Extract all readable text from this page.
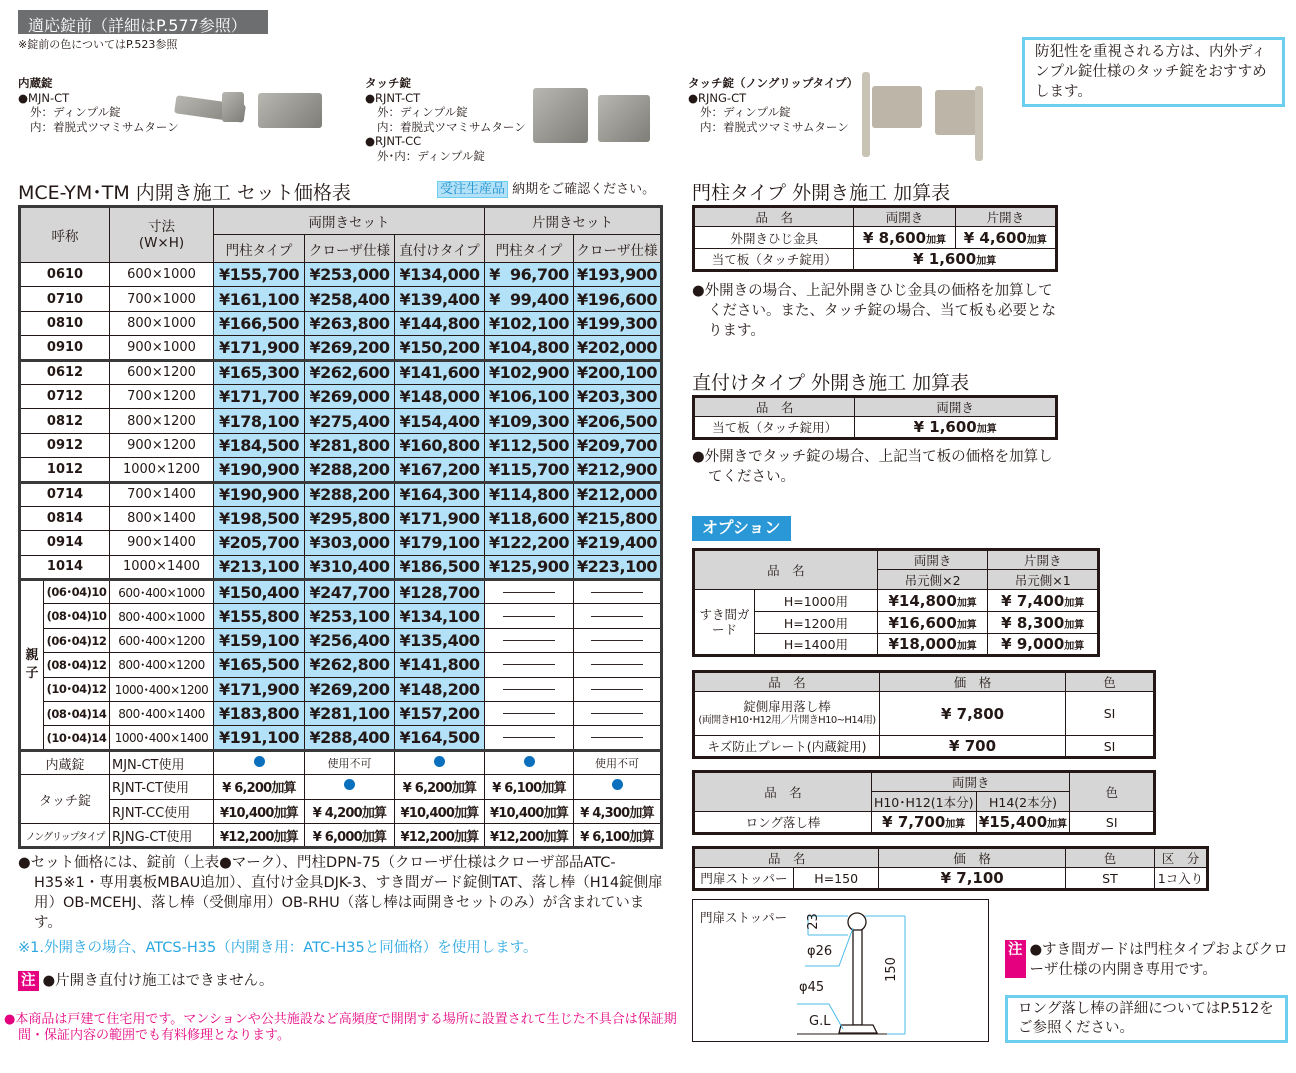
適応錠前（詳細はP.577参照）
※錠前の色についてはP.523参照
内蔵錠
●MJN-CT
外：ディンプル錠
内：着脱式ツマミサムターン
タッチ錠
●RJNT-CT
外：ディンプル錠
内：着脱式ツマミサムターン
●RJNT-CC
外･内：ディンプル錠
タッチ錠（ノングリップタイプ）
●RJNG-CT
外：ディンプル錠
内：着脱式ツマミサムターン
防犯性を重視される方は、内外ディンプル錠仕様のタッチ錠をおすすめします。
MCE-YM･TM 内開き施工 セット価格表	受注生産品 納期をご確認ください。
呼称	寸法
(W×H)	両開きセット	片開きセット
門柱タイプ	クローザ仕様	直付けタイプ	門柱タイプ	クローザ仕様
0610	600×1000	¥155,700	¥253,000	¥134,000	¥  96,700	¥193,900
0710	700×1000	¥161,100	¥258,400	¥139,400	¥  99,400	¥196,600
0810	800×1000	¥166,500	¥263,800	¥144,800	¥102,100	¥199,300
0910	900×1000	¥171,900	¥269,200	¥150,200	¥104,800	¥202,000
0612	600×1200	¥165,300	¥262,600	¥141,600	¥102,900	¥200,100
0712	700×1200	¥171,700	¥269,000	¥148,000	¥106,100	¥203,300
0812	800×1200	¥178,100	¥275,400	¥154,400	¥109,300	¥206,500
0912	900×1200	¥184,500	¥281,800	¥160,800	¥112,500	¥209,700
1012	1000×1200	¥190,900	¥288,200	¥167,200	¥115,700	¥212,900
0714	700×1400	¥190,900	¥288,200	¥164,300	¥114,800	¥212,000
0814	800×1400	¥198,500	¥295,800	¥171,900	¥118,600	¥215,800
0914	900×1400	¥205,700	¥303,000	¥179,100	¥122,200	¥219,400
1014	1000×1400	¥213,100	¥310,400	¥186,500	¥125,900	¥223,100
親子	(06･04)10	600･400×1000	¥150,400	¥247,700	¥128,700	――――	――――
(08･04)10	800･400×1000	¥155,800	¥253,100	¥134,100	――――	――――
(06･04)12	600･400×1200	¥159,100	¥256,400	¥135,400	――――	――――
(08･04)12	800･400×1200	¥165,500	¥262,800	¥141,800	――――	――――
(10･04)12	1000･400×1200	¥171,900	¥269,200	¥148,200	――――	――――
(08･04)14	800･400×1400	¥183,800	¥281,100	¥157,200	――――	――――
(10･04)14	1000･400×1400	¥191,100	¥288,400	¥164,500	――――	――――
内蔵錠	MJN-CT使用		使用不可			使用不可
タッチ錠	RJNT-CT使用	¥ 6,200加算		¥ 6,200加算	¥ 6,100加算	
RJNT-CC使用	¥10,400加算	¥ 4,200加算	¥10,400加算	¥10,400加算	¥ 4,300加算
ノングリップタイプ	RJNG-CT使用	¥12,200加算	¥ 6,000加算	¥12,200加算	¥12,200加算	¥ 6,100加算
●セット価格には、錠前（上表●マーク）、門柱DPN-75（クローザ仕様はクローザ部品ATC-H35※1・専用裏板MBAU追加）、直付け金具DJK-3、すき間ガード錠側TAT、落し棒（H14錠側扉用）OB-MCEHJ、落し棒（受側扉用）OB-RHU（落し棒は両開きセットのみ）が含まれています。
※1.外開きの場合、ATCS-H35（内開き用：ATC-H35と同価格）を使用します。
注 ●片開き直付け施工はできません。
●本商品は戸建て住宅用です。マンションや公共施設など高頻度で開閉する場所に設置されて生じた不具合は保証期間・保証内容の範囲でも有料修理となります。
門柱タイプ 外開き施工 加算表
品　名	両開き	片開き
外開きひじ金具	¥ 8,600加算	¥ 4,600加算
当て板（タッチ錠用）	¥ 1,600加算
●外開きの場合、上記外開きひじ金具の価格を加算してください。また、タッチ錠の場合、当て板も必要となります。
直付けタイプ 外開き施工 加算表
品　名	両開き
当て板（タッチ錠用）	¥ 1,600加算
●外開きでタッチ錠の場合、上記当て板の価格を加算してください。
オプション
品　名	両開き	片開き
吊元側×2	吊元側×1
すき間ガード	H=1000用	¥14,800加算	¥ 7,400加算
H=1200用	¥16,600加算	¥ 8,300加算
H=1400用	¥18,000加算	¥ 9,000加算
品　名	価　格	色

錠側扉用落し棒
(両開きH10･H12用／片開きH10~H14用)	¥ 7,800	SI
キズ防止プレート(内蔵錠用)	¥ 700	SI
品　名	両開き	色
H10･H12(1本分)	H14(2本分)
ロング落し棒	¥ 7,700加算	¥15,400加算	SI
品　名	価　格	色	区　分
門扉ストッパー	H=150	¥ 7,100	ST	1コ入り
門扉ストッパー 23
φ26
φ45
150
G.L
注 ●すき間ガードは門柱タイプおよびクローザ仕様の内開き専用です。
ロング落し棒の詳細についてはP.512をご参照ください。
